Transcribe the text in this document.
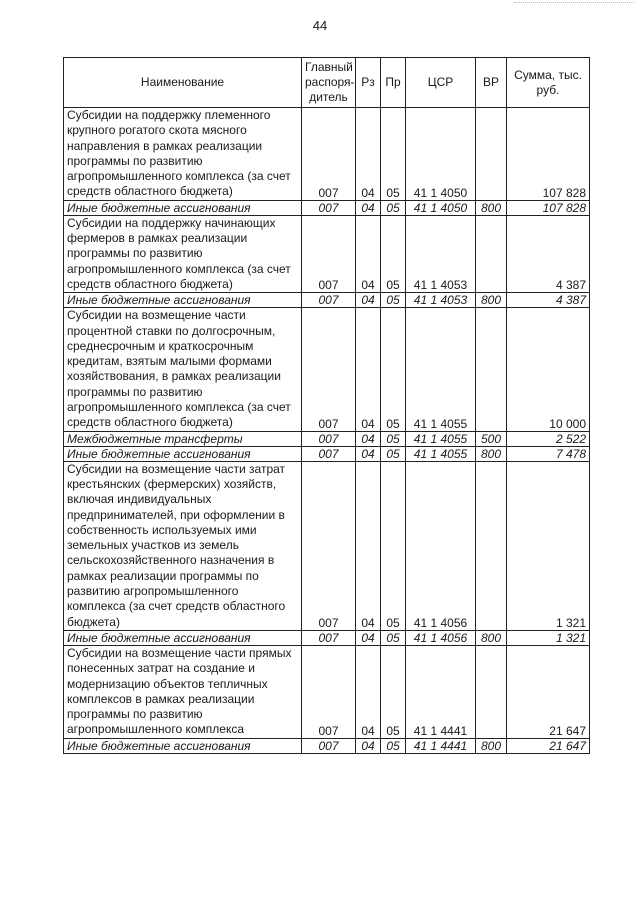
44
Наименование	Главный распоря-дитель	Рз	Пр	ЦСР	ВР	Сумма, тыс. руб.
Субсидии на поддержку племенного крупного рогатого скота мясного направления в рамках реализации программы по развитию агропромышленного комплекса (за счет средств областного бюджета)	007	04	05	41 1 4050		107 828
Иные бюджетные ассигнования	007	04	05	41 1 4050	800	107 828
Субсидии на поддержку начинающих фермеров в рамках реализации программы по развитию агропромышленного комплекса (за счет средств областного бюджета)	007	04	05	41 1 4053		4 387
Иные бюджетные ассигнования	007	04	05	41 1 4053	800	4 387
Субсидии на возмещение части процентной ставки по долгосрочным, среднесрочным и краткосрочным кредитам, взятым малыми формами хозяйствования, в рамках реализации программы по развитию агропромышленного комплекса (за счет средств областного бюджета)	007	04	05	41 1 4055		10 000
Межбюджетные трансферты	007	04	05	41 1 4055	500	2 522
Иные бюджетные ассигнования	007	04	05	41 1 4055	800	7 478
Субсидии на возмещение части затрат крестьянских (фермерских) хозяйств, включая индивидуальных предпринимателей, при оформлении в собственность используемых ими земельных участков из земель сельскохозяйственного назначения в рамках реализации программы по развитию агропромышленного комплекса (за счет средств областного бюджета)	007	04	05	41 1 4056		1 321
Иные бюджетные ассигнования	007	04	05	41 1 4056	800	1 321
Субсидии на возмещение части прямых понесенных затрат на создание и модернизацию объектов тепличных комплексов в рамках реализации программы по развитию агропромышленного комплекса	007	04	05	41 1 4441		21 647
Иные бюджетные ассигнования	007	04	05	41 1 4441	800	21 647
